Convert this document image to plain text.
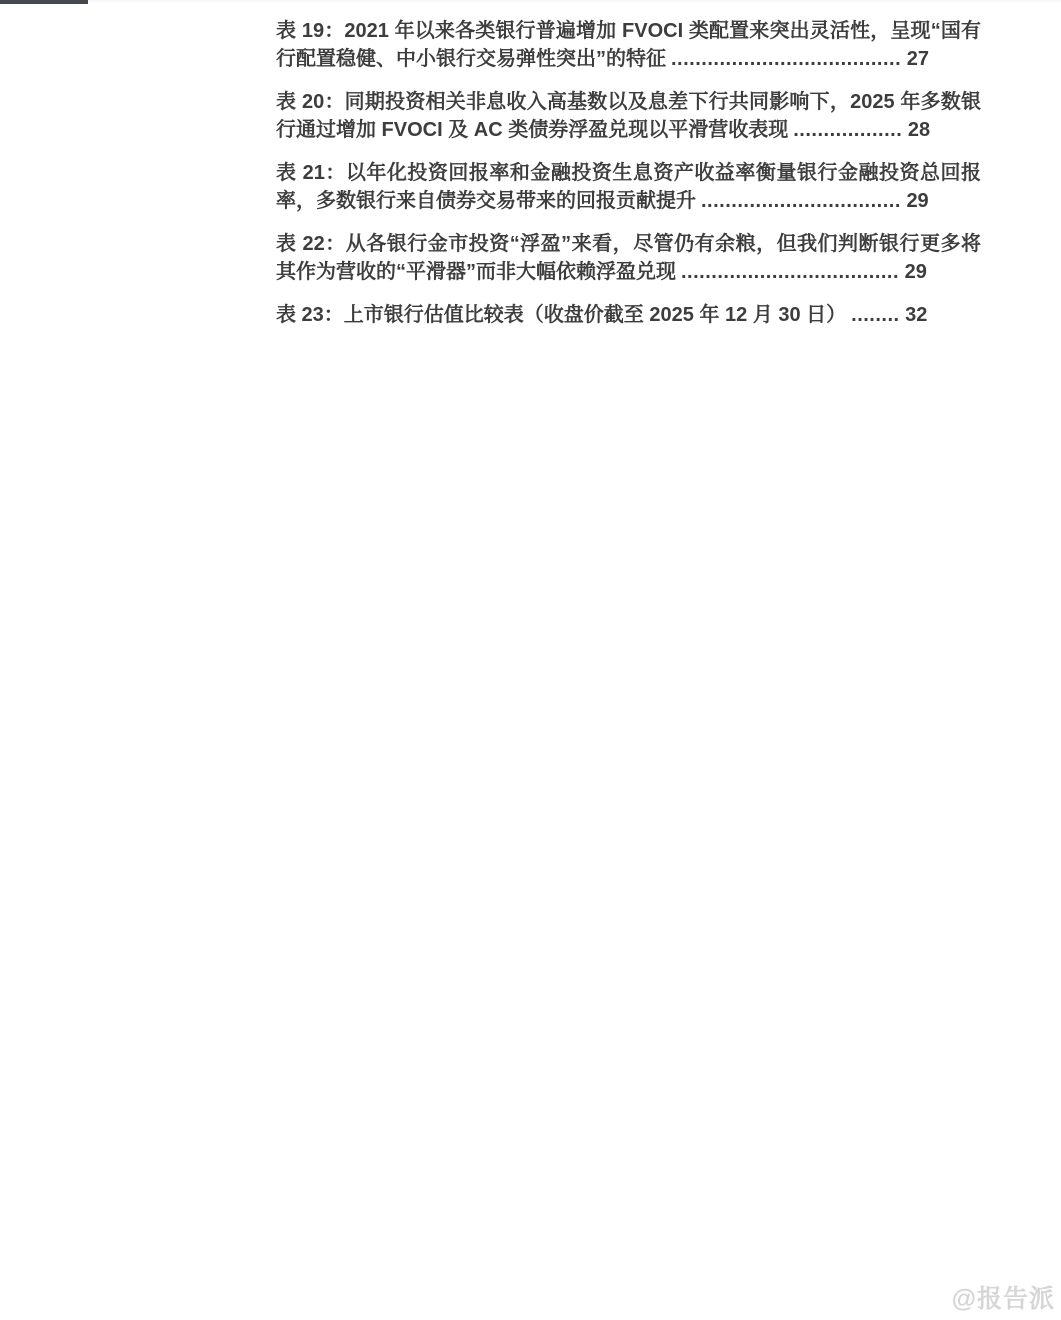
表 19：2021 年以来各类银行普遍增加 FVOCI 类配置来突出灵活性，呈现“国有行配置稳健、中小银行交易弹性突出”的特征 ...................................... 27

表 20：同期投资相关非息收入高基数以及息差下行共同影响下，2025 年多数银行通过增加 FVOCI 及 AC 类债券浮盈兑现以平滑营收表现 .................. 28

表 21：以年化投资回报率和金融投资生息资产收益率衡量银行金融投资总回报率，多数银行来自债券交易带来的回报贡献提升 ................................. 29

表 22：从各银行金市投资“浮盈”来看，尽管仍有余粮，但我们判断银行更多将其作为营收的“平滑器”而非大幅依赖浮盈兑现 .................................... 29

表 23：上市银行估值比较表（收盘价截至 2025 年 12 月 30 日） ........ 32

@报告派
